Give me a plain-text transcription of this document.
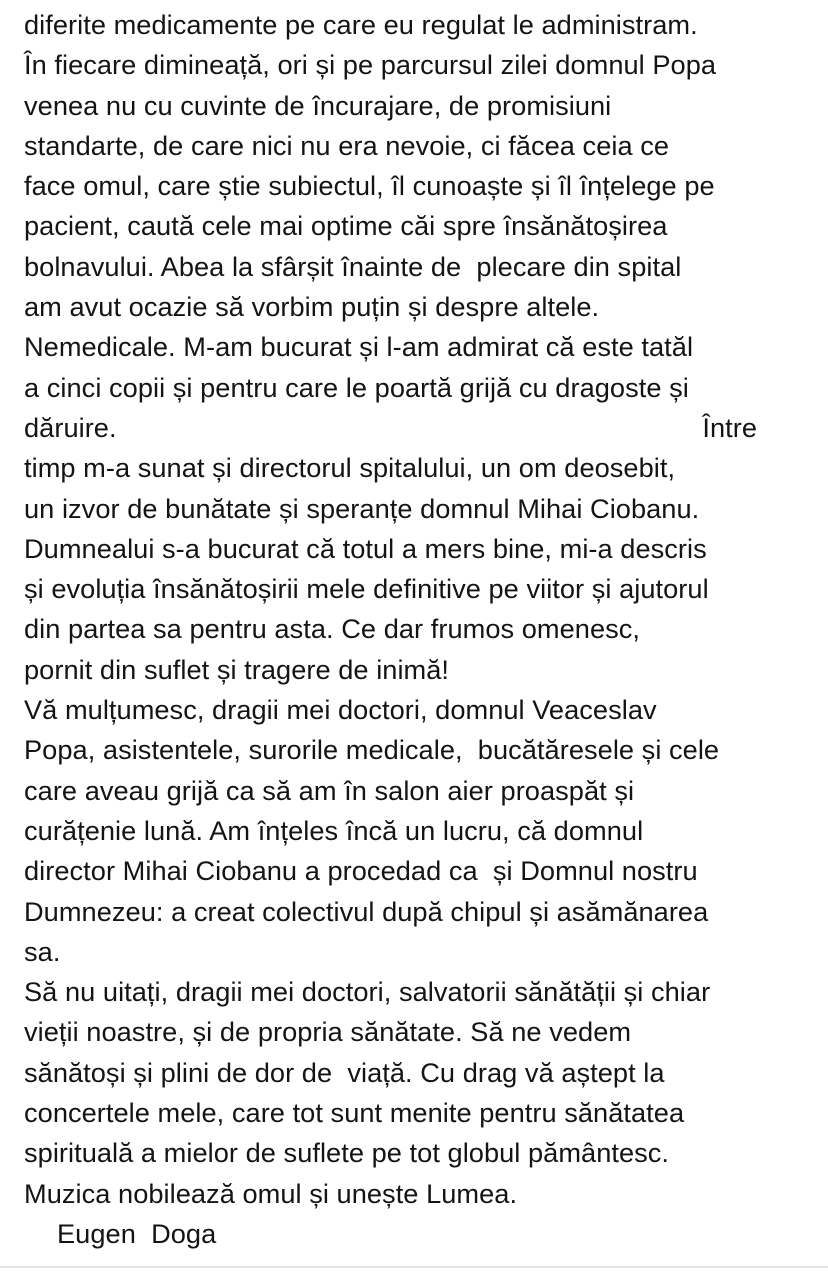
diferite medicamente pe care eu regulat le administram.
În fiecare dimineață, ori și pe parcursul zilei domnul Popa
venea nu cu cuvinte de încurajare, de promisiuni
standarte, de care nici nu era nevoie, ci făcea ceia ce
face omul, care știe subiectul, îl cunoaște și îl înțelege pe
pacient, caută cele mai optime căi spre însănătoșirea
bolnavului. Abea la sfârșit înainte de  plecare din spital
am avut ocazie să vorbim puțin și despre altele.
Nemedicale. M-am bucurat și l-am admirat că este tatăl
a cinci copii și pentru care le poartă grijă cu dragoste și
dăruire.	Între
timp m-a sunat și directorul spitalului, un om deosebit,
un izvor de bunătate și speranțe domnul Mihai Ciobanu.
Dumnealui s-a bucurat că totul a mers bine, mi-a descris
și evoluția însănătoșirii mele definitive pe viitor și ajutorul
din partea sa pentru asta. Ce dar frumos omenesc,
pornit din suflet și tragere de inimă!
Vă mulțumesc, dragii mei doctori, domnul Veaceslav
Popa, asistentele, surorile medicale,  bucătăresele și cele
care aveau grijă ca să am în salon aier proaspăt și
curățenie lună. Am înțeles încă un lucru, că domnul
director Mihai Ciobanu a procedad ca  și Domnul nostru
Dumnezeu: a creat colectivul după chipul și asămănarea
sa.
Să nu uitați, dragii mei doctori, salvatorii sănătății și chiar
vieții noastre, și de propria sănătate. Să ne vedem
sănătoși și plini de dor de  viață. Cu drag vă aștept la
concertele mele, care tot sunt menite pentru sănătatea
spirituală a mielor de suflete pe tot globul pământesc.
Muzica nobilează omul și unește Lumea.
Eugen  Doga
